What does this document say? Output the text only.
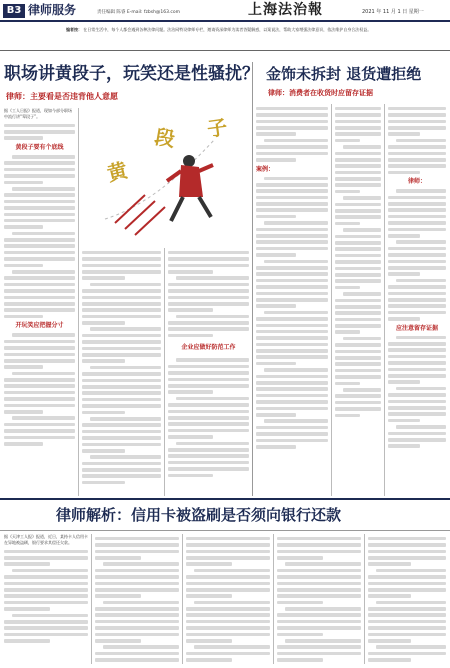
B3 律师服务	责任编辑 陈睿 E-mail: fzbsh@163.com	上海法治報	2021 年 11 月 1 日 星期一
编者按： 在日常生活中，每个人都会遇到各种法律问题。法治网特设律师专栏，邀请资深律师为读者答疑解惑，以案说法，帮助大家增强法律意识，依法维护自身合法权益。
职场讲黄段子，玩笑还是性骚扰？
律师：主要看是否违背他人意愿
黄
段 子
据《工人日报》报道，现如今部分职场中流行讲“荤段子”。
黄段子要有个底线
开玩笑应把握分寸
企业应做好防范工作
金饰未拆封 退货遭拒绝
律师：消费者在收货时应留存证据
案例：
律师：
应注意留存证据
律师解析：信用卡被盗刷是否须向银行还款
据《天津工人报》报道，近日，某持卡人信用卡在异地被盗刷，银行要求其偿还欠款。
